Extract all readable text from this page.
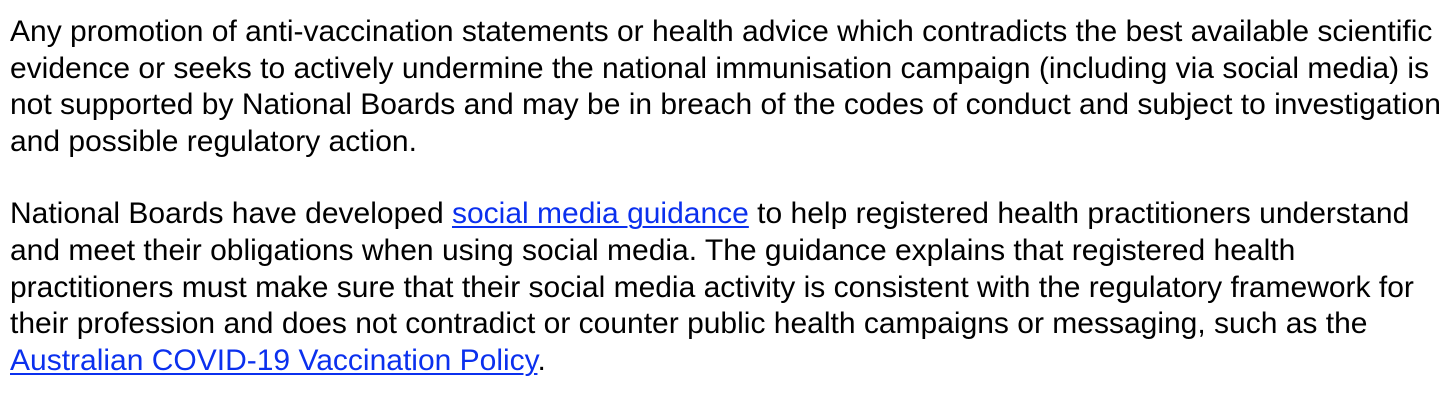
Any promotion of anti-vaccination statements or health advice which contradicts the best available scientific evidence or seeks to actively undermine the national immunisation campaign (including via social media) is not supported by National Boards and may be in breach of the codes of conduct and subject to investigation and possible regulatory action.

National Boards have developed social media guidance to help registered health practitioners understand and meet their obligations when using social media. The guidance explains that registered health practitioners must make sure that their social media activity is consistent with the regulatory framework for their profession and does not contradict or counter public health campaigns or messaging, such as the Australian COVID-19 Vaccination Policy.
